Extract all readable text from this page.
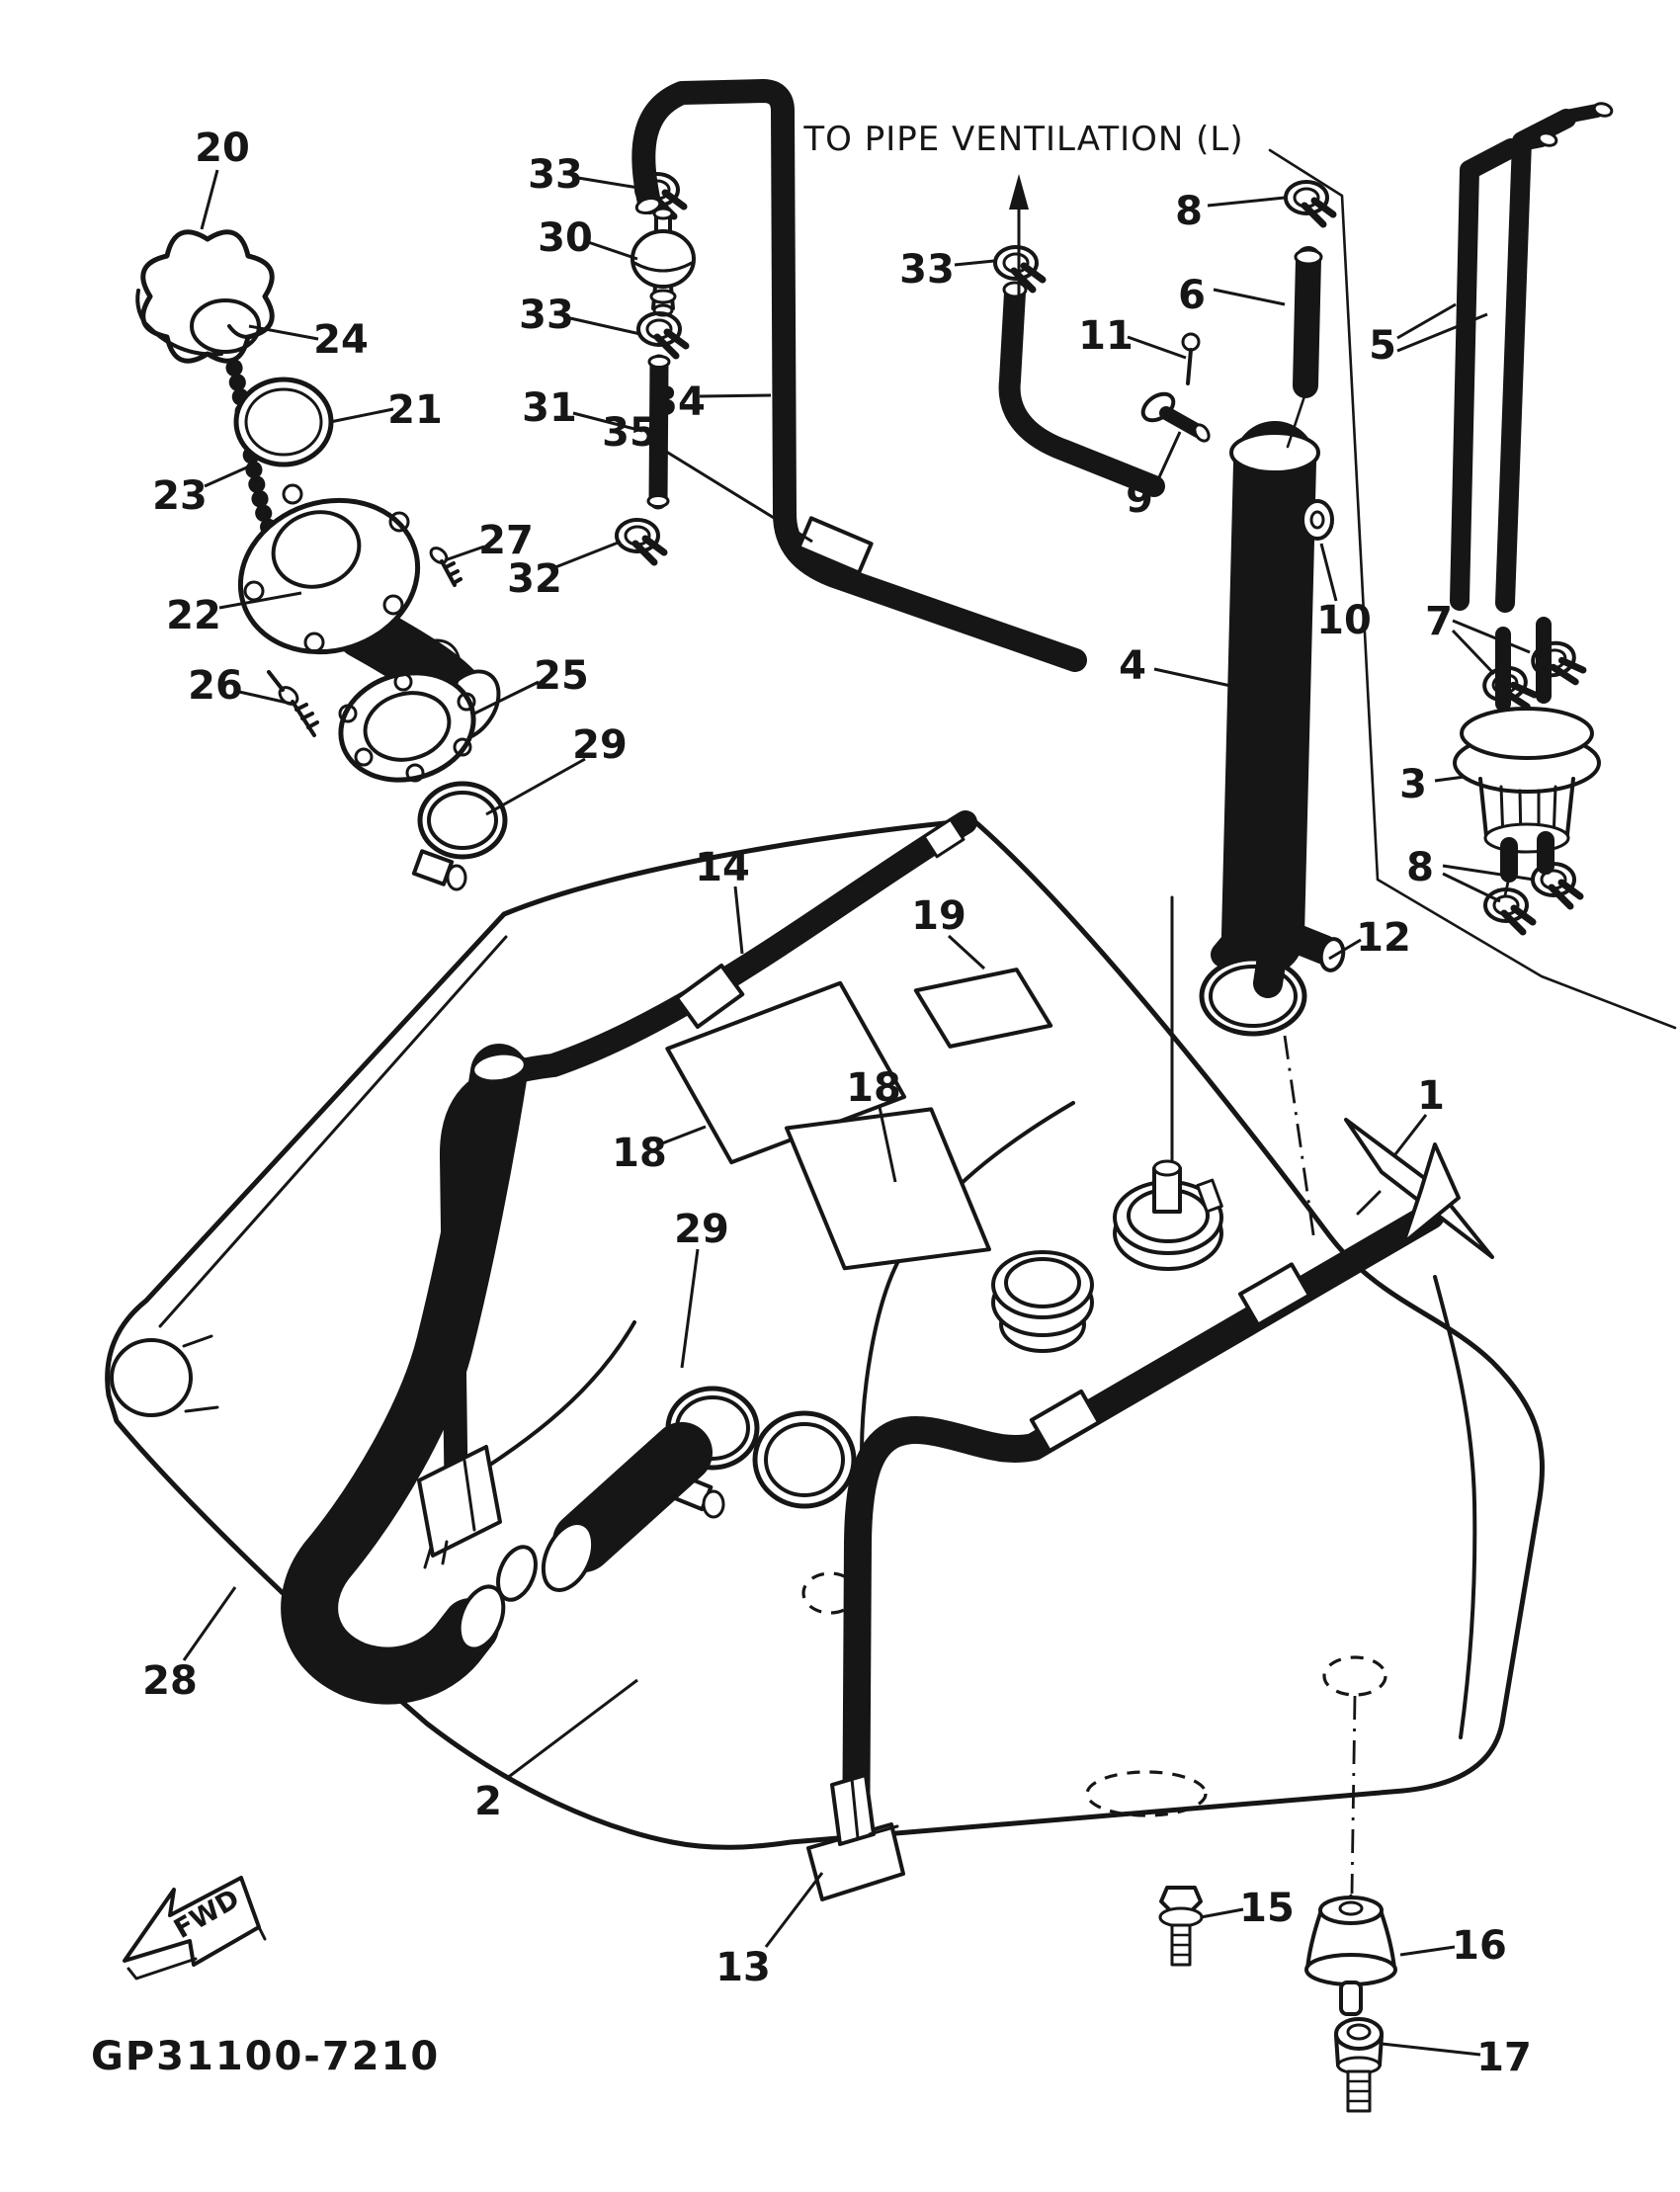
FWD
TO PIPE VENTILATION (L)
GP31100-7210
20
24
21
23
22
27
32
26	25
29
33
30
33
31
35
34
33
8
6
11
9
5
10 7
3
8
12
4
1
14
19
18
18
29
2
28
13
15
16
17
